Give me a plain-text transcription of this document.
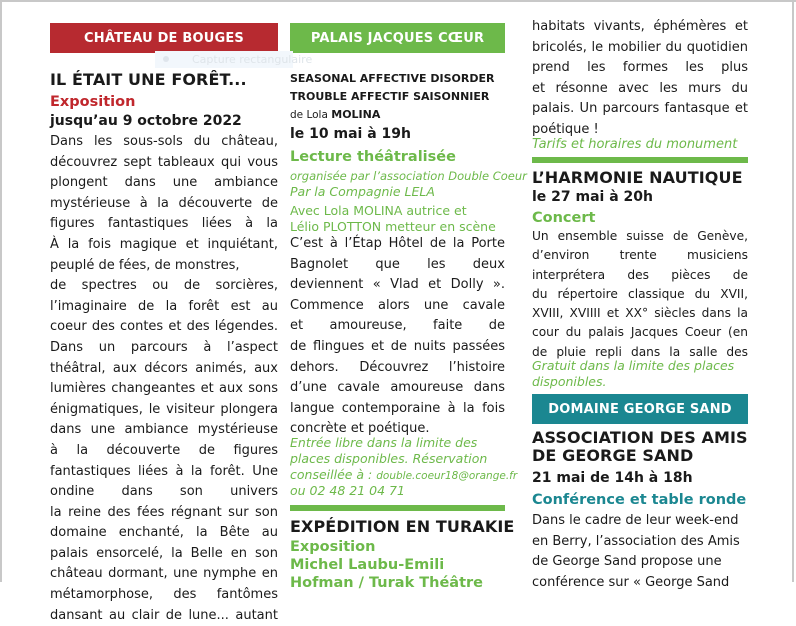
CHÂTEAU DE BOUGES
IL ÉTAIT UNE FORÊT...
Exposition
jusqu’au 9 octobre 2022
Dans les sous-sols du château,
découvrez sept tableaux qui vous
plongent dans une ambiance
mystérieuse à la découverte de
figures fantastiques liées à la
À la fois magique et inquiétant,
peuplé de fées, de monstres,
de spectres ou de sorcières,
l’imaginaire de la forêt est au
coeur des contes et des légendes.
Dans un parcours à l’aspect
théâtral, aux décors animés, aux
lumières changeantes et aux sons
énigmatiques, le visiteur plongera
dans une ambiance mystérieuse
à la découverte de figures
fantastiques liées à la forêt. Une
ondine dans son univers
la reine des fées régnant sur son
domaine enchanté, la Bête au
palais ensorcelé, la Belle en son
château dormant, une nymphe en
métamorphose, des fantômes
dansant au clair de lune... autant
PALAIS JACQUES CŒUR
SEASONAL AFFECTIVE DISORDER
TROUBLE AFFECTIF SAISONNIER
de Lola MOLINA
le 10 mai à 19h
Lecture théâtralisée
organisée par l’association Double Coeur
Par la Compagnie LELA
Avec Lola MOLINA autrice et
Lélio PLOTTON metteur en scène
C’est à l’Étap Hôtel de la Porte
Bagnolet que les deux
deviennent « Vlad et Dolly ».
Commence alors une cavale
et amoureuse, faite de
de flingues et de nuits passées
dehors. Découvrez l’histoire
d’une cavale amoureuse dans
langue contemporaine à la fois
concrète et poétique.
Entrée libre dans la limite des
places disponibles. Réservation
conseillée à : double.coeur18@orange.fr
ou 02 48 21 04 71
EXPÉDITION EN TURAKIE
Exposition
Michel Laubu-Emili
Hofman / Turak Théâtre
habitats vivants, éphémères et
bricolés, le mobilier du quotidien
prend les formes les plus
et résonne avec les murs du
palais. Un parcours fantasque et
poétique !
Tarifs et horaires du monument
L’HARMONIE NAUTIQUE
le 27 mai à 20h
Concert
Un ensemble suisse de Genève,
d’environ trente musiciens
interprétera des pièces de
du répertoire classique du XVII,
XVIII, XVIIII et XX° siècles dans la
cour du palais Jacques Coeur (en
de pluie repli dans la salle des
Gratuit dans la limite des places
disponibles.
DOMAINE GEORGE SAND
ASSOCIATION DES AMIS
DE GEORGE SAND
21 mai de 14h à 18h
Conférence et table ronde
Dans le cadre de leur week-end
en Berry, l’association des Amis
de George Sand propose une
conférence sur « George Sand
Capture rectangulaire
